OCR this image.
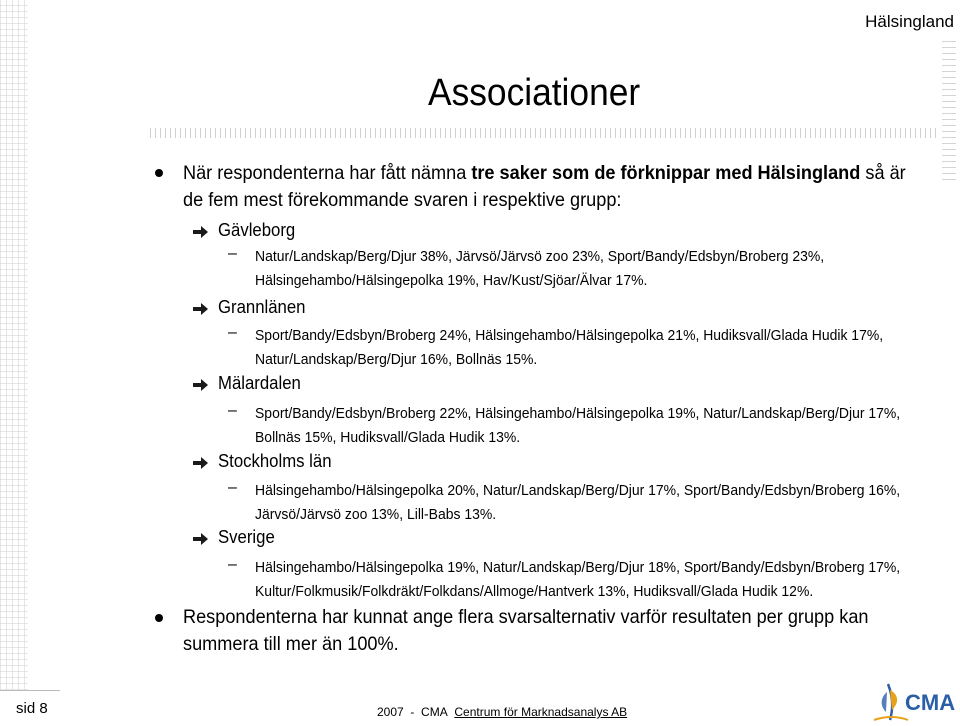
Hälsingland
Associationer
När respondenterna har fått nämna tre saker som de förknippar med Hälsingland så är
de fem mest förekommande svaren i respektive grupp:
Gävleborg
– Natur/Landskap/Berg/Djur 38%, Järvsö/Järvsö zoo 23%, Sport/Bandy/Edsbyn/Broberg 23%,
Hälsingehambo/Hälsingepolka 19%, Hav/Kust/Sjöar/Älvar 17%.
Grannlänen
– Sport/Bandy/Edsbyn/Broberg 24%, Hälsingehambo/Hälsingepolka 21%, Hudiksvall/Glada Hudik 17%,
Natur/Landskap/Berg/Djur 16%, Bollnäs 15%.
Mälardalen
– Sport/Bandy/Edsbyn/Broberg 22%, Hälsingehambo/Hälsingepolka 19%, Natur/Landskap/Berg/Djur 17%,
Bollnäs 15%, Hudiksvall/Glada Hudik 13%.
Stockholms län
– Hälsingehambo/Hälsingepolka 20%, Natur/Landskap/Berg/Djur 17%, Sport/Bandy/Edsbyn/Broberg 16%,
Järvsö/Järvsö zoo 13%, Lill-Babs 13%.
Sverige
– Hälsingehambo/Hälsingepolka 19%, Natur/Landskap/Berg/Djur 18%, Sport/Bandy/Edsbyn/Broberg 17%,
Kultur/Folkmusik/Folkdräkt/Folkdans/Allmoge/Hantverk 13%, Hudiksvall/Glada Hudik 12%.
Respondenterna har kunnat ange flera svarsalternativ varför resultaten per grupp kan
summera till mer än 100%.
sid 8	2007 - CMA Centrum för Marknadsanalys AB	CMA
